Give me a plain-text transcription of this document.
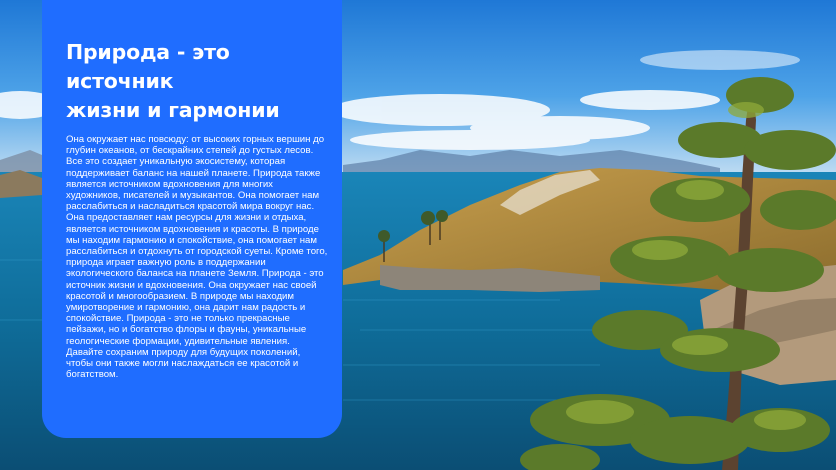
Природа - это источник
жизни и гармонии

Она окружает нас повсюду: от высоких горных вершин до глубин океанов, от бескрайних степей до густых лесов. Все это создает уникальную экосистему, которая поддерживает баланс на нашей планете. Природа также является источником вдохновения для многих художников, писателей и музыкантов. Она помогает нам расслабиться и насладиться красотой мира вокруг нас. Она предоставляет нам ресурсы для жизни и отдыха, является источником вдохновения и красоты. В природе мы находим гармонию и спокойствие, она помогает нам расслабиться и отдохнуть от городской суеты. Кроме того, природа играет важную роль в поддержании экологического баланса на планете Земля. Природа - это источник жизни и вдохновения. Она окружает нас своей красотой и многообразием. В природе мы находим умиротворение и гармонию, она дарит нам радость и спокойствие. Природа - это не только прекрасные пейзажи, но и богатство флоры и фауны, уникальные геологические формации, удивительные явления. Давайте сохраним природу для будущих поколений, чтобы они также могли наслаждаться ее красотой и богатством.
